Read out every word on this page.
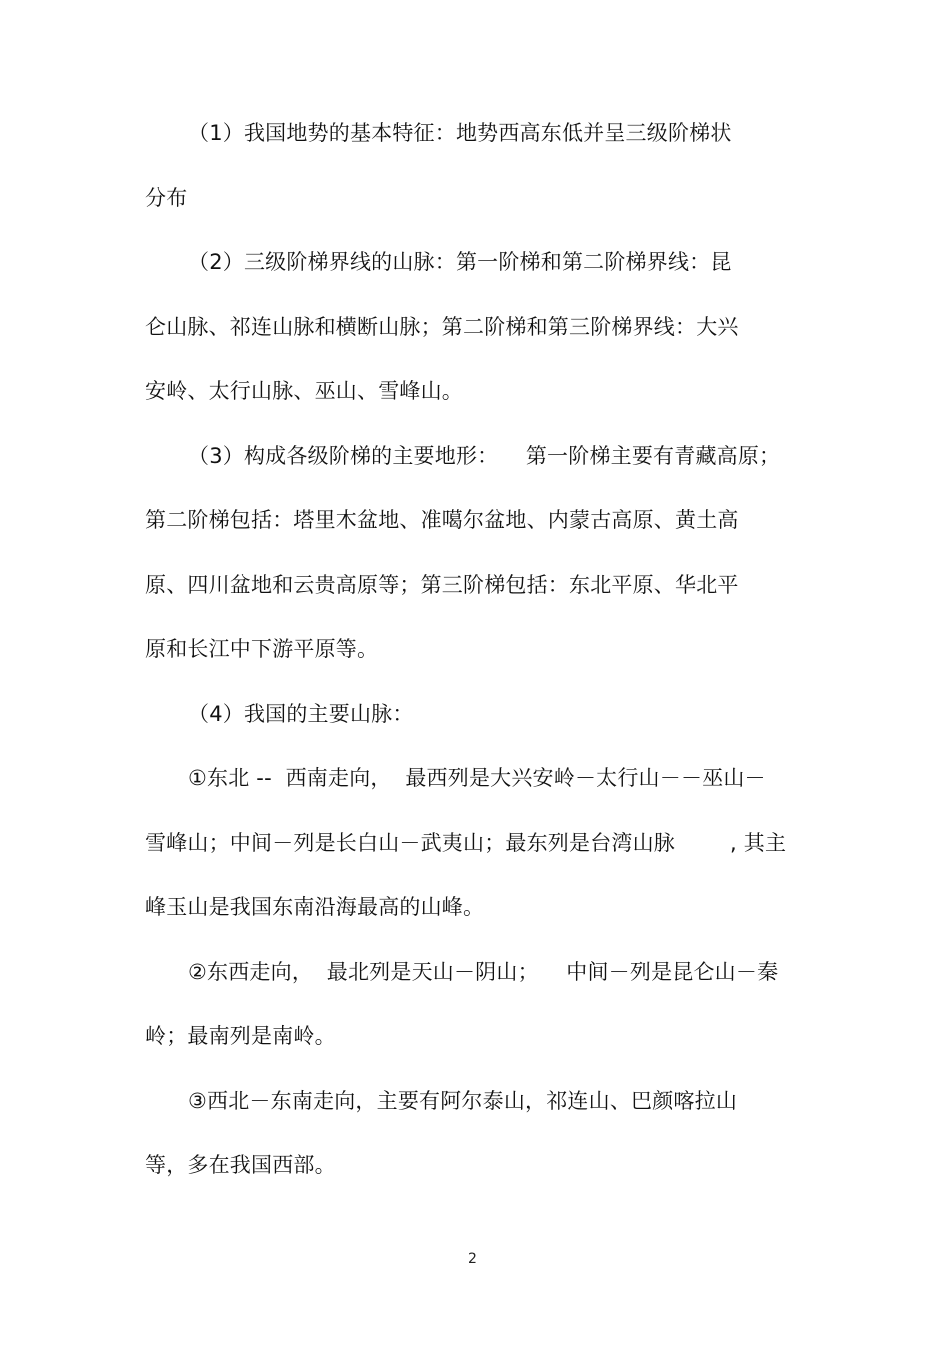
（1）我国地势的基本特征：地势西高东低并呈三级阶梯状
分布
（2）三级阶梯界线的山脉：第一阶梯和第二阶梯界线：昆
仑山脉、祁连山脉和横断山脉；第二阶梯和第三阶梯界线：大兴
安岭、太行山脉、巫山、雪峰山。
（3）构成各级阶梯的主要地形：    第一阶梯主要有青藏高原；
第二阶梯包括：塔里木盆地、准噶尔盆地、内蒙古高原、黄土高
原、四川盆地和云贵高原等；第三阶梯包括：东北平原、华北平
原和长江中下游平原等。
（4）我国的主要山脉：
①东北 --  西南走向，  最西列是大兴安岭－太行山－－巫山－
雪峰山；中间－列是长白山－武夷山；最东列是台湾山脉        , 其主
峰玉山是我国东南沿海最高的山峰。
②东西走向，  最北列是天山－阴山；    中间－列是昆仑山－秦
岭；最南列是南岭。
③西北－东南走向，主要有阿尔泰山，祁连山、巴颜喀拉山
等，多在我国西部。
2
